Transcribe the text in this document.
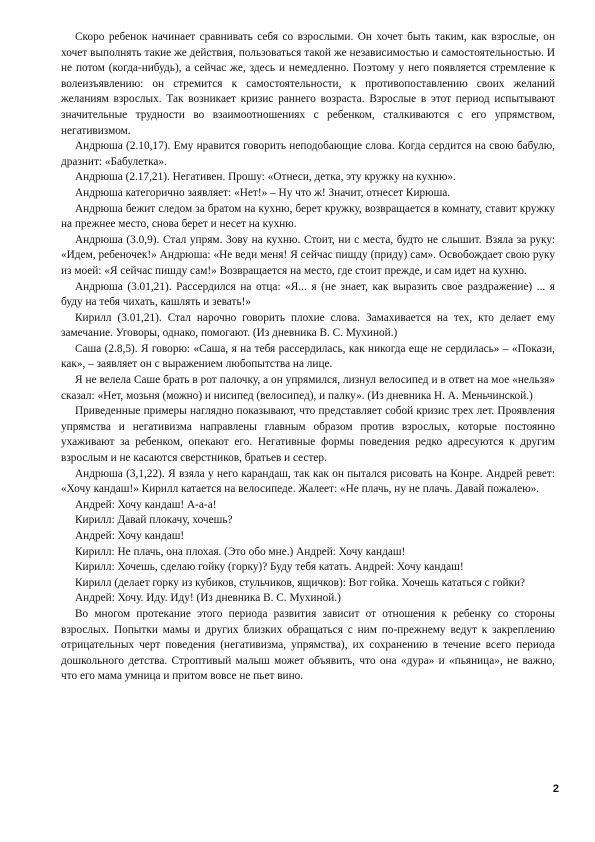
Скоро ребенок начинает сравнивать себя со взрослыми. Он хочет быть таким, как взрослые, он хочет выполнять такие же действия, пользоваться такой же независимостью и самостоятельностью. И не потом (когда-нибудь), а сейчас же, здесь и немедленно. Поэтому у него появляется стремление к волеизъявлению: он стремится к самостоятельности, к противопоставлению своих желаний желаниям взрослых. Так возникает кризис раннего возраста. Взрослые в этот период испытывают значительные трудности во взаимоотношениях с ребенком, сталкиваются с его упрямством, негативизмом.

Андрюша (2.10,17). Ему нравится говорить неподобающие слова. Когда сердится на свою бабулю, дразнит: «Бабулетка».

Андрюша (2.17,21). Негативен. Прошу: «Отнеси, детка, эту кружку на кухню».

Андрюша категорично заявляет: «Нет!» – Ну что ж! Значит, отнесет Кирюша.

Андрюша бежит следом за братом на кухню, берет кружку, возвращается в комнату, ставит кружку на прежнее место, снова берет и несет на кухню.

Андрюша (3.0,9). Стал упрям. Зову на кухню. Стоит, ни с места, будто не слышит. Взяла за руку: «Идем, ребеночек!» Андрюша: «Не веди меня! Я сейчас пишду (приду) сам». Освобождает свою руку из моей: «Я сейчас пишду сам!» Возвращается на место, где стоит прежде, и сам идет на кухню.

Андрюша (3.01,21). Рассердился на отца: «Я... я (не знает, как выразить свое раздражение) ... я буду на тебя чихать, кашлять и зевать!»

Кирилл (3.01,21). Стал нарочно говорить плохие слова. Замахивается на тех, кто делает ему замечание. Уговоры, однако, помогают. (Из дневника В. С. Мухиной.)

Саша (2.8,5). Я говорю: «Саша, я на тебя рассердилась, как никогда еще не сердилась» – «Покази, как», – заявляет он с выражением любопытства на лице.

Я не велела Саше брать в рот палочку, а он упрямился, лизнул велосипед и в ответ на мое «нельзя» сказал: «Нет, мозьня (можно) и нисипед (велосипед), и палку». (Из дневника Н. А. Меньчинской.)

Приведенные примеры наглядно показывают, что представляет собой кризис трех лет. Проявления упрямства и негативизма направлены главным образом против взрослых, которые постоянно ухаживают за ребенком, опекают его. Негативные формы поведения редко адресуются к другим взрослым и не касаются сверстников, братьев и сестер.

Андрюша (3,1,22). Я взяла у него карандаш, так как он пытался рисовать на Конре. Андрей ревет: «Хочу кандаш!» Кирилл катается на велосипеде. Жалеет: «Не плачь, ну не плачь. Давай пожалею».

Андрей: Хочу кандаш! А-а-а!

Кирилл: Давай плокачу, хочешь?

Андрей: Хочу кандаш!

Кирилл: Не плачь, она плохая. (Это обо мне.) Андрей: Хочу кандаш!

Кирилл: Хочешь, сделаю гойку (горку)? Буду тебя катать. Андрей: Хочу кандаш!

Кирилл (делает горку из кубиков, стульчиков, ящичков): Вот гойка. Хочешь кататься с гойки?

Андрей: Хочу. Иду. Иду! (Из дневника В. С. Мухиной.)

Во многом протекание этого периода развития зависит от отношения к ребенку со стороны взрослых. Попытки мамы и других близких обращаться с ним по-прежнему ведут к закреплению отрицательных черт поведения (негативизма, упрямства), их сохранению в течение всего периода дошкольного детства. Строптивый малыш может объявить, что она «дура» и «пьяница», не важно, что его мама умница и притом вовсе не пьет вино.

2
